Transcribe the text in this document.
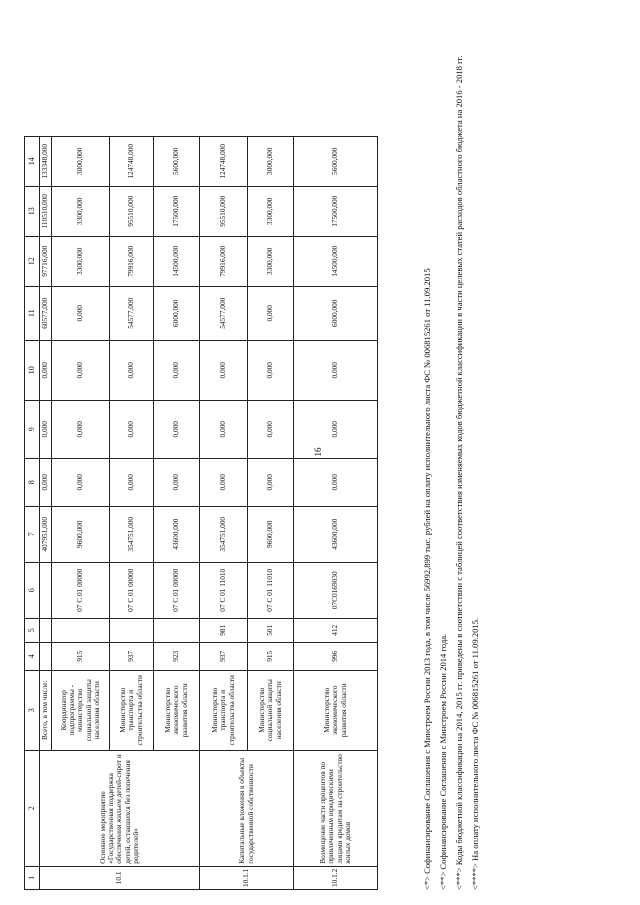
16
1	2	3	4	5	6	7	8	9	10	11	12	13	14
10.1	Основное мероприятие «Государственная поддержка обеспечения жильем детей-сирот и детей, оставшихся без попечения родителей»	Всего, в том числе:				407951,000	0,000	0,000	0,000	60577,000	97716,000	110510,000	133348,000
		Координатор подпрограммы - министерство социальной защиты населения области	915		07 С 01 00000	9600,000	0,000	0,000	0,000	0,000	3300,000	3300,000	3000,000
		Министерство транспорта и строительства области	937		07 С 01 00000	354751,000	0,000	0,000	0,000	54577,000	79916,000	95510,000	124748,000
		Министерство экономического развития области	923		07 С 01 00000	43600,000	0,000	0,000	0,000	6000,000	14500,000	17500,000	5600,000
10.1.1	Капитальные вложения в объекты государственной собственности	Министерство транспорта и строительства области	937	981	07 С 01 11010	354751,000	0,000	0,000	0,000	54577,000	79916,000	95510,000	124748,000
		Министерство социальной защиты населения области	915	501	07 С 01 11010	9600,000	0,000	0,000	0,000	0,000	3300,000	3300,000	3000,000
10.1.2	Возмещение части процентов по привлеченным юридическими лицами кредитам на строительство жилых домов	Министерство экономического развития области	996	412	07С0169030	43600,000	0,000	0,000	0,000	6000,000	14500,000	17500,000	5600,000
<*> Софинансирование Соглашения с Минстроем России 2013 года, в том числе 56992,899 тыс. рублей на оплату исполнительного листа ФС № 006815261 от 11.09.2015 <**> Софинансирование Соглашения с Минстроем России 2014 года. <***> Коды бюджетной классификации на 2014, 2015 гг. приведены в соответствии с таблицей соответствия изменяемых кодов бюджетной классификации в части целевых статей расходов областного бюджета на 2016 - 2018 гг. <****> На оплату исполнительного листа ФС № 006815261 от 11.09.2015.
